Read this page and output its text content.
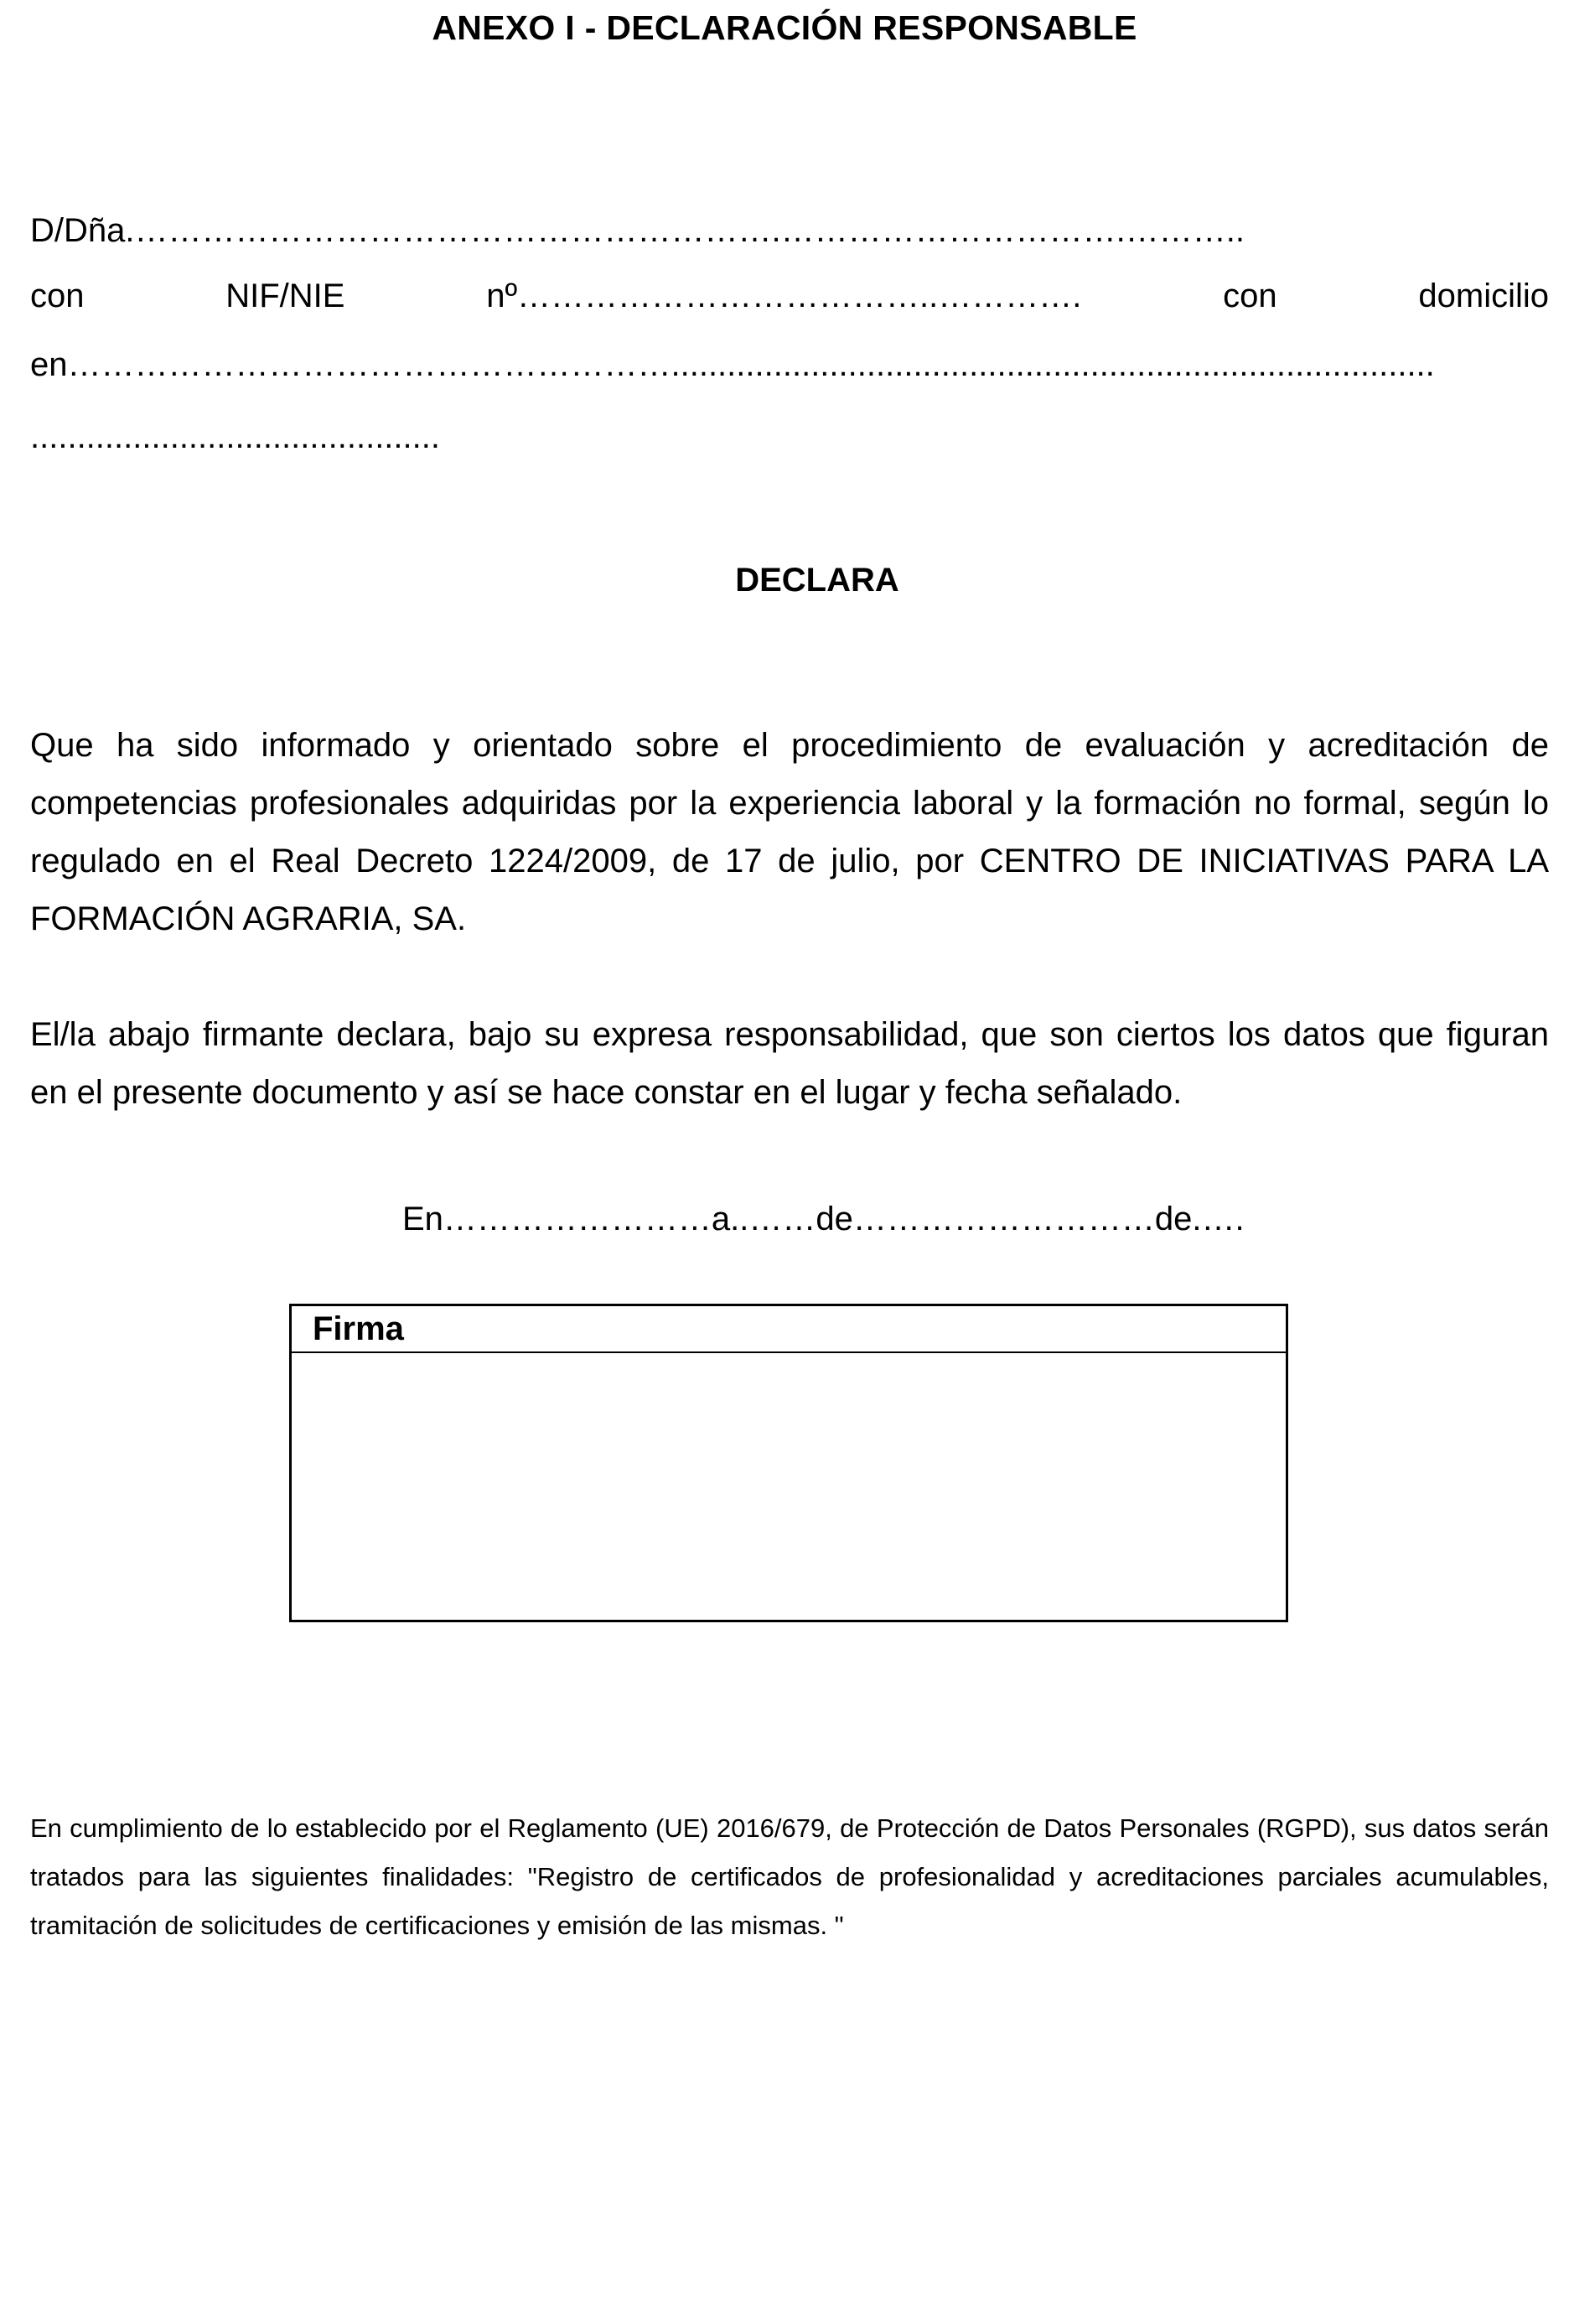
ANEXO I - DECLARACIÓN RESPONSABLE
D/Dña.………………………………………………….………………………….………..
con	NIF/NIE	nº………………………………..………….	con	domicilio
en………………………………………………..................................................................................
............................................
DECLARA

Que ha sido informado y orientado sobre el procedimiento de evaluación y acreditación de competencias profesionales adquiridas por la experiencia laboral y la formación no formal, según lo regulado en el Real Decreto 1224/2009, de 17 de julio, por CENTRO DE INICIATIVAS PARA LA FORMACIÓN AGRARIA, SA.

El/la abajo firmante declara, bajo su expresa responsabilidad, que son ciertos los datos que figuran en el presente documento y así se hace constar en el lugar y fecha señalado.

En……………………a..……de………………………de.….
Firma

En cumplimiento de lo establecido por el Reglamento (UE) 2016/679, de Protección de Datos Personales (RGPD), sus datos serán tratados para las siguientes finalidades: "Registro de certificados de profesionalidad y acreditaciones parciales acumulables, tramitación de solicitudes de certificaciones y emisión de las mismas. "
